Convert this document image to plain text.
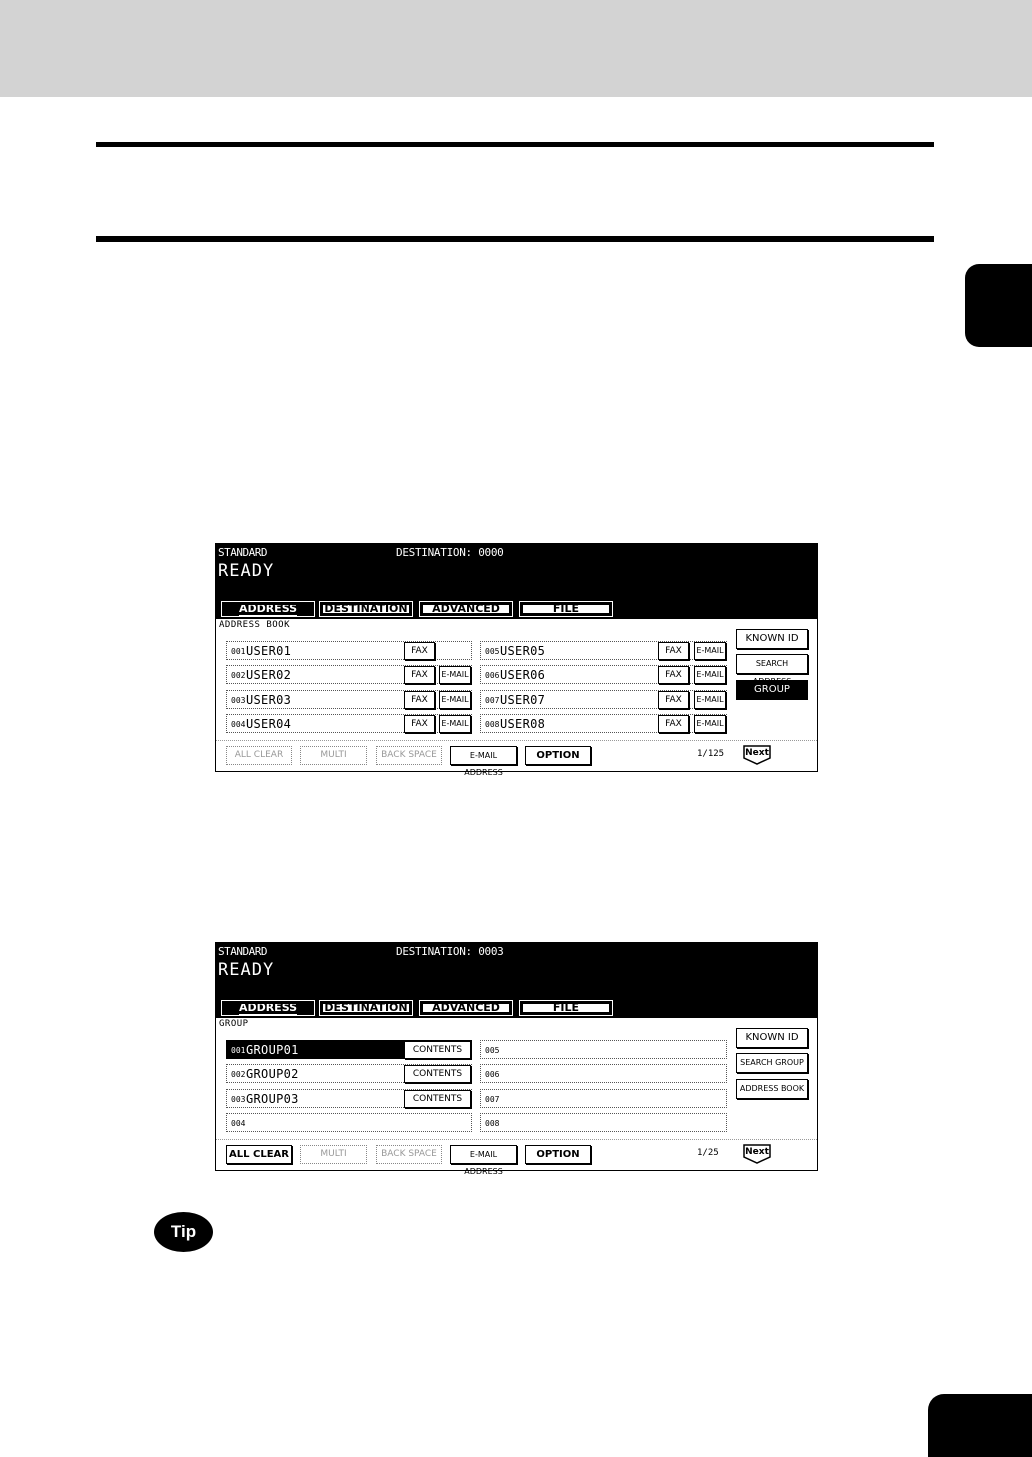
STANDARD	DESTINATION: 0000
READY
ADDRESS	DESTINATION	ADVANCED	FILE
ADDRESS BOOK
001 USER01	FAX
002 USER02	FAX	E-MAIL
003 USER03	FAX	E-MAIL
004 USER04	FAX	E-MAIL
005 USER05	FAX	E-MAIL
006 USER06	FAX	E-MAIL
007 USER07	FAX	E-MAIL
008 USER08	FAX	E-MAIL
KNOWN ID
SEARCH
GROUP
ALL CLEAR	MULTI	BACK SPACE	E-MAIL ADDRESS
OPTION	1/125 Next
STANDARD	DESTINATION: 0003
READY
ADDRESS	DESTINATION	ADVANCED	FILE
GROUP
001 GROUP01	CONTENTS
002 GROUP02	CONTENTS
003 GROUP03	CONTENTS
004
005
006
007
008
KNOWN ID
SEARCH GROUP
ADDRESS BOOK
ALL CLEAR	MULTI	BACK SPACE	E-MAIL ADDRESS
OPTION	1/25	Next
Tip
